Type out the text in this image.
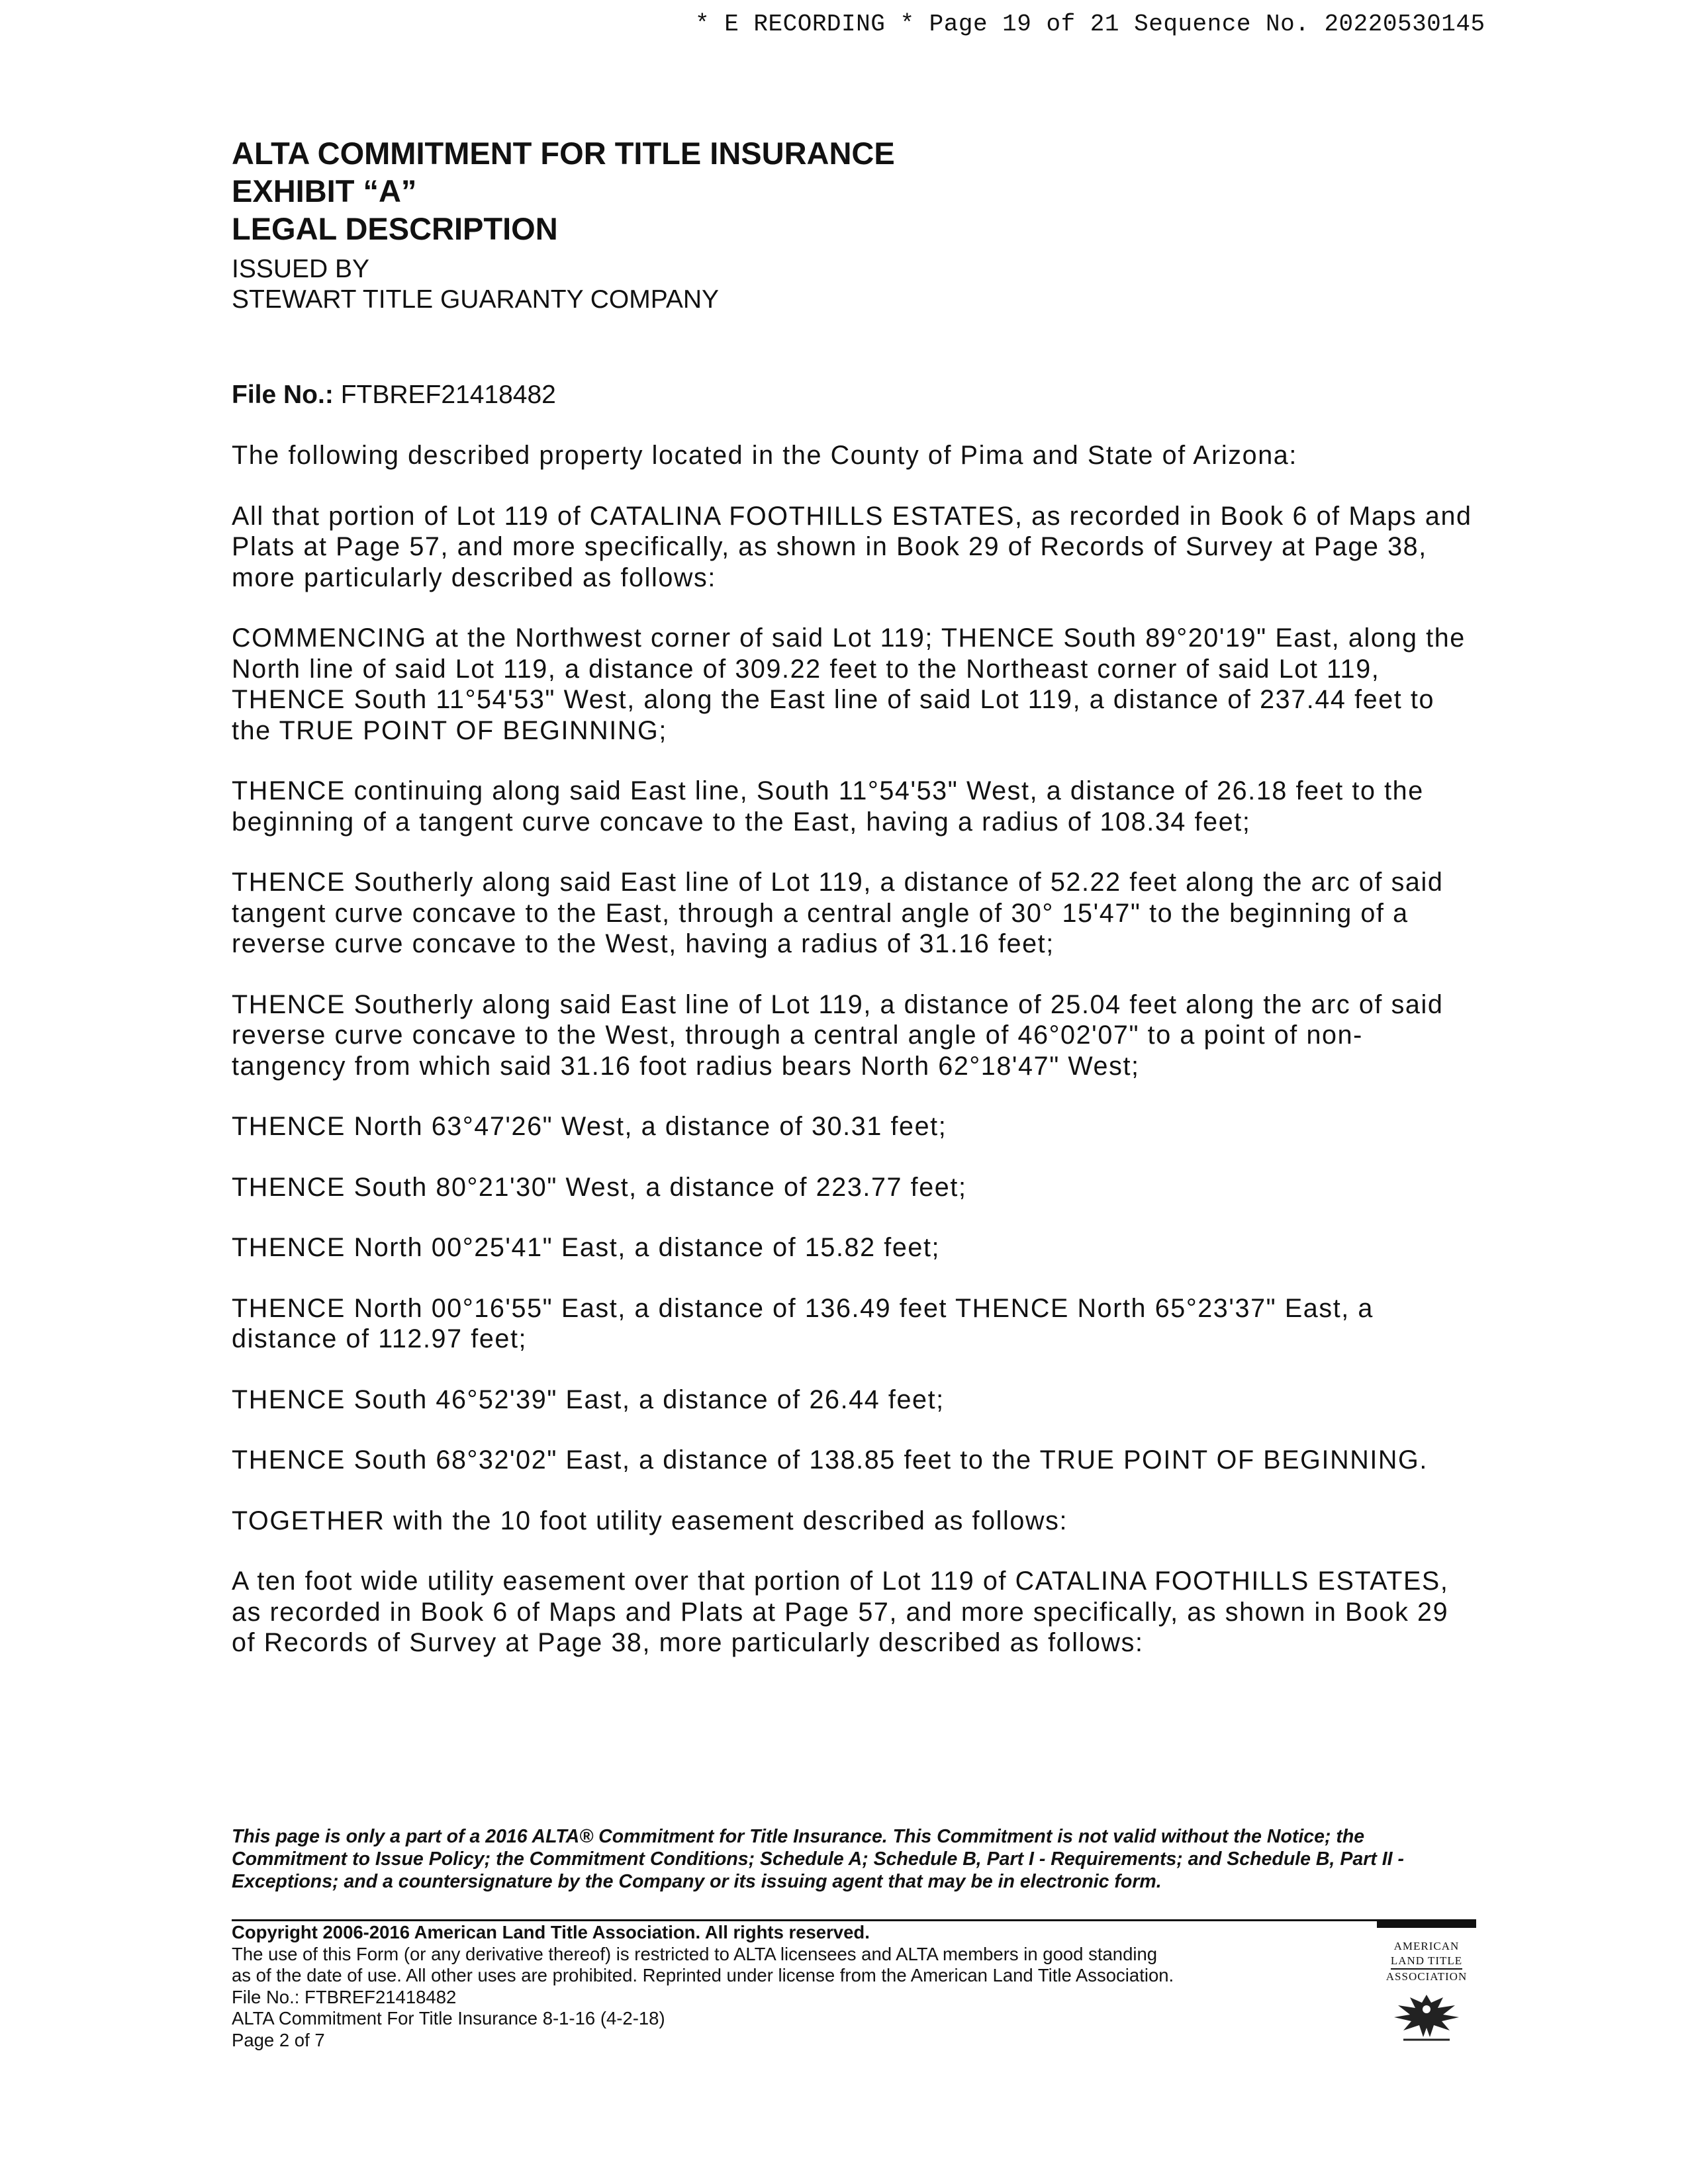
* E RECORDING * Page 19 of 21 Sequence No. 20220530145
ALTA COMMITMENT FOR TITLE INSURANCE
EXHIBIT “A”
LEGAL DESCRIPTION
ISSUED BY
STEWART TITLE GUARANTY COMPANY
File No.: FTBREF21418482

The following described property located in the County of Pima and State of Arizona:

All that portion of Lot 119 of CATALINA FOOTHILLS ESTATES, as recorded in Book 6 of Maps and Plats at Page 57, and more specifically, as shown in Book 29 of Records of Survey at Page 38, more particularly described as follows:

COMMENCING at the Northwest corner of said Lot 119; THENCE South 89°20'19" East, along the North line of said Lot 119, a distance of 309.22 feet to the Northeast corner of said Lot 119, THENCE South 11°54'53" West, along the East line of said Lot 119, a distance of 237.44 feet to the TRUE POINT OF BEGINNING;

THENCE continuing along said East line, South 11°54'53" West, a distance of 26.18 feet to the beginning of a tangent curve concave to the East, having a radius of 108.34 feet;

THENCE Southerly along said East line of Lot 119, a distance of 52.22 feet along the arc of said tangent curve concave to the East, through a central angle of 30° 15'47" to the beginning of a reverse curve concave to the West, having a radius of 31.16 feet;

THENCE Southerly along said East line of Lot 119, a distance of 25.04 feet along the arc of said reverse curve concave to the West, through a central angle of 46°02'07" to a point of non-tangency from which said 31.16 foot radius bears North 62°18'47" West;

THENCE North 63°47'26" West, a distance of 30.31 feet;

THENCE South 80°21'30" West, a distance of 223.77 feet;

THENCE North 00°25'41" East, a distance of 15.82 feet;

THENCE North 00°16'55" East, a distance of 136.49 feet THENCE North 65°23'37" East, a distance of 112.97 feet;

THENCE South 46°52'39" East, a distance of 26.44 feet;

THENCE South 68°32'02" East, a distance of 138.85 feet to the TRUE POINT OF BEGINNING.

TOGETHER with the 10 foot utility easement described as follows:

A ten foot wide utility easement over that portion of Lot 119 of CATALINA FOOTHILLS ESTATES, as recorded in Book 6 of Maps and Plats at Page 57, and more specifically, as shown in Book 29 of Records of Survey at Page 38, more particularly described as follows:

This page is only a part of a 2016 ALTA® Commitment for Title Insurance. This Commitment is not valid without the Notice; the Commitment to Issue Policy; the Commitment Conditions; Schedule A; Schedule B, Part I - Requirements; and Schedule B, Part II - Exceptions; and a countersignature by the Company or its issuing agent that may be in electronic form.
Copyright 2006-2016 American Land Title Association. All rights reserved.
The use of this Form (or any derivative thereof) is restricted to ALTA licensees and ALTA members in good standing
as of the date of use. All other uses are prohibited. Reprinted under license from the American Land Title Association.
File No.: FTBREF21418482
ALTA Commitment For Title Insurance 8-1-16 (4-2-18)
Page 2 of 7
AMERICAN
LAND TITLE
ASSOCIATION
